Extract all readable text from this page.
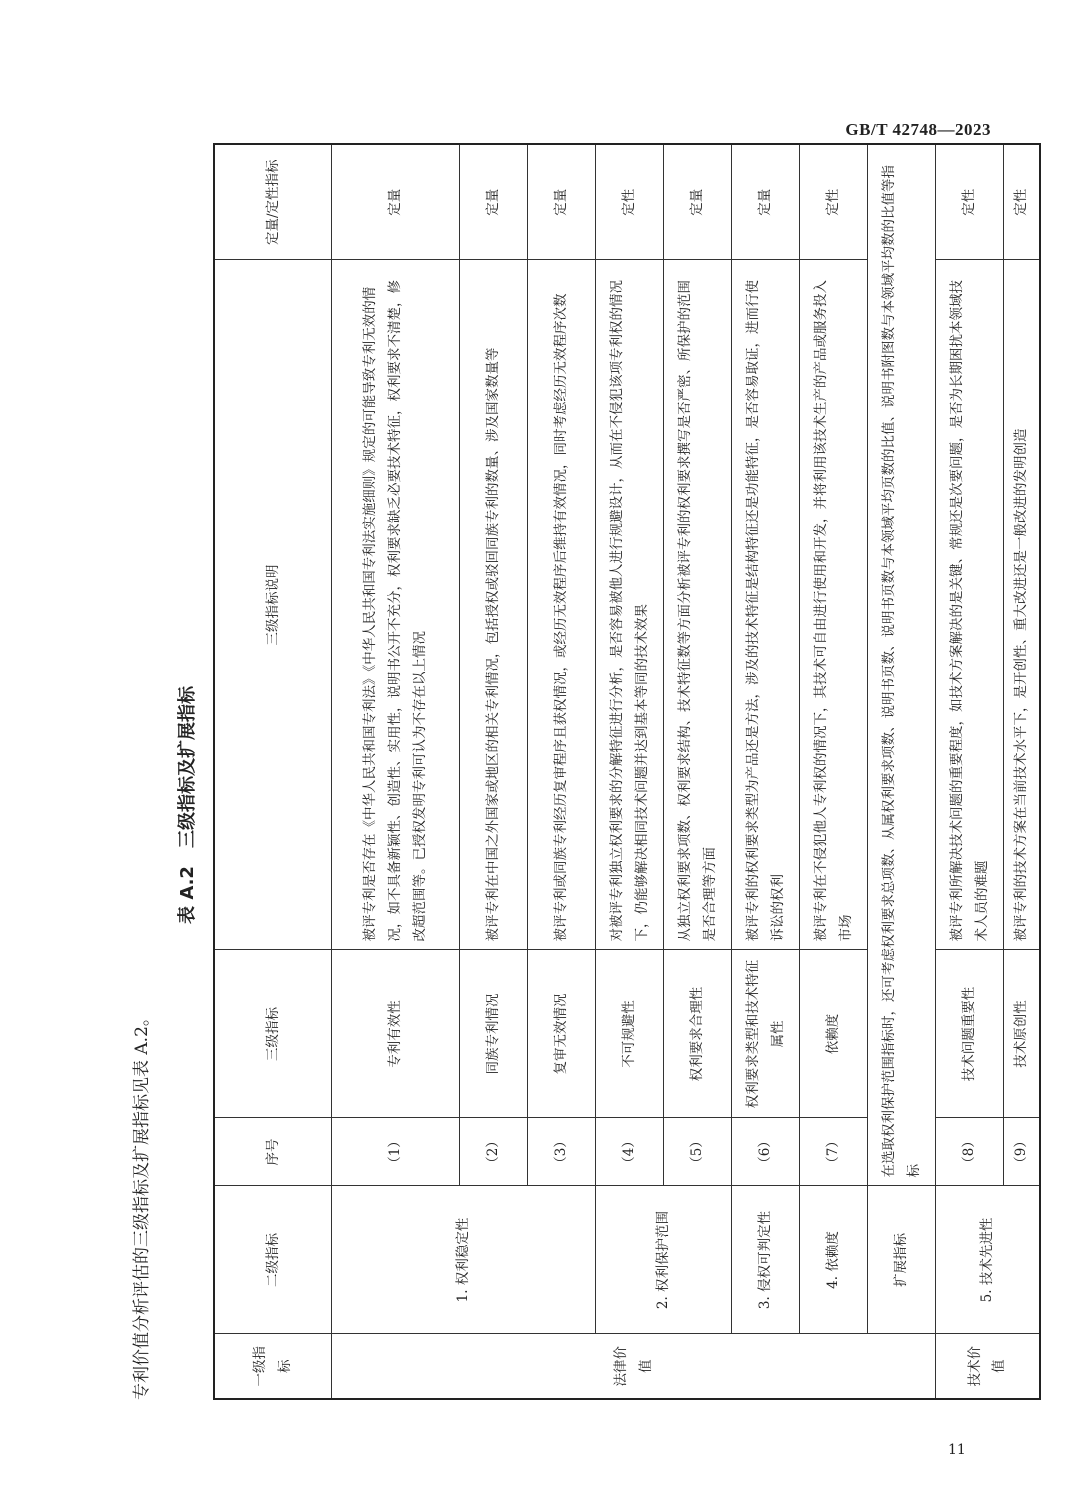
GB/T 42748—2023
专利价值分析评估的三级指标及扩展指标见表 A.2。
表 A.2　三级指标及扩展指标
一级指标	二级指标	序号	三级指标	三级指标说明	定量/定性指标
法律价值	1. 权利稳定性	（1）	专利有效性	被评专利是否存在《中华人民共和国专利法》《中华人民共和国专利法实施细则》规定的可能导致专利无效的情况，如不具备新颖性、创造性、实用性，说明书公开不充分，权利要求缺乏必要技术特征，权利要求不清楚，修改超范围等。已授权发明专利可认为不存在以上情况	定量
		（2）	同族专利情况	被评专利在中国之外国家或地区的相关专利情况，包括授权或驳回同族专利的数量、涉及国家数量等	定量
		（3）	复审无效情况	被评专利或同族专利经历复审程序且获权情况，或经历无效程序后维持有效情况，同时考虑经历无效程序次数	定量
	2. 权利保护范围	（4）	不可规避性	对被评专利独立权利要求的分解特征进行分析，是否容易被他人进行规避设计，从而在不侵犯该项专利权的情况下，仍能够解决相同技术问题并达到基本等同的技术效果	定性
		（5）	权利要求合理性	从独立权利要求项数、权利要求结构、技术特征数等方面分析被评专利的权利要求撰写是否严密、所保护的范围是否合理等方面	定量
	3. 侵权可判定性	（6）	权利要求类型和技术特征属性	被评专利的权利要求类型为产品还是方法，涉及的技术特征是结构特征还是功能特征，是否容易取证，进而行使诉讼的权利	定量
	4. 依赖度	（7）	依赖度	被评专利在不侵犯他人专利权的情况下，其技术可自由进行使用和开发，并将利用该技术生产的产品或服务投入市场	定性
	扩展指标	在选取权利保护范围指标时，还可考虑权利要求总项数、从属权利要求项数、说明书页数、说明书页数与本领域平均页数的比值、说明书附图数与本领域平均数的比值等指标			
技术价值	5. 技术先进性	（8）	技术问题重要性	被评专利所解决技术问题的重要程度，如技术方案解决的是关键、常规还是次要问题，是否为长期困扰本领域技术人员的难题	定性
		（9）	技术原创性	被评专利的技术方案在当前技术水平下，是开创性、重大改进还是一般改进的发明创造	定性
11
